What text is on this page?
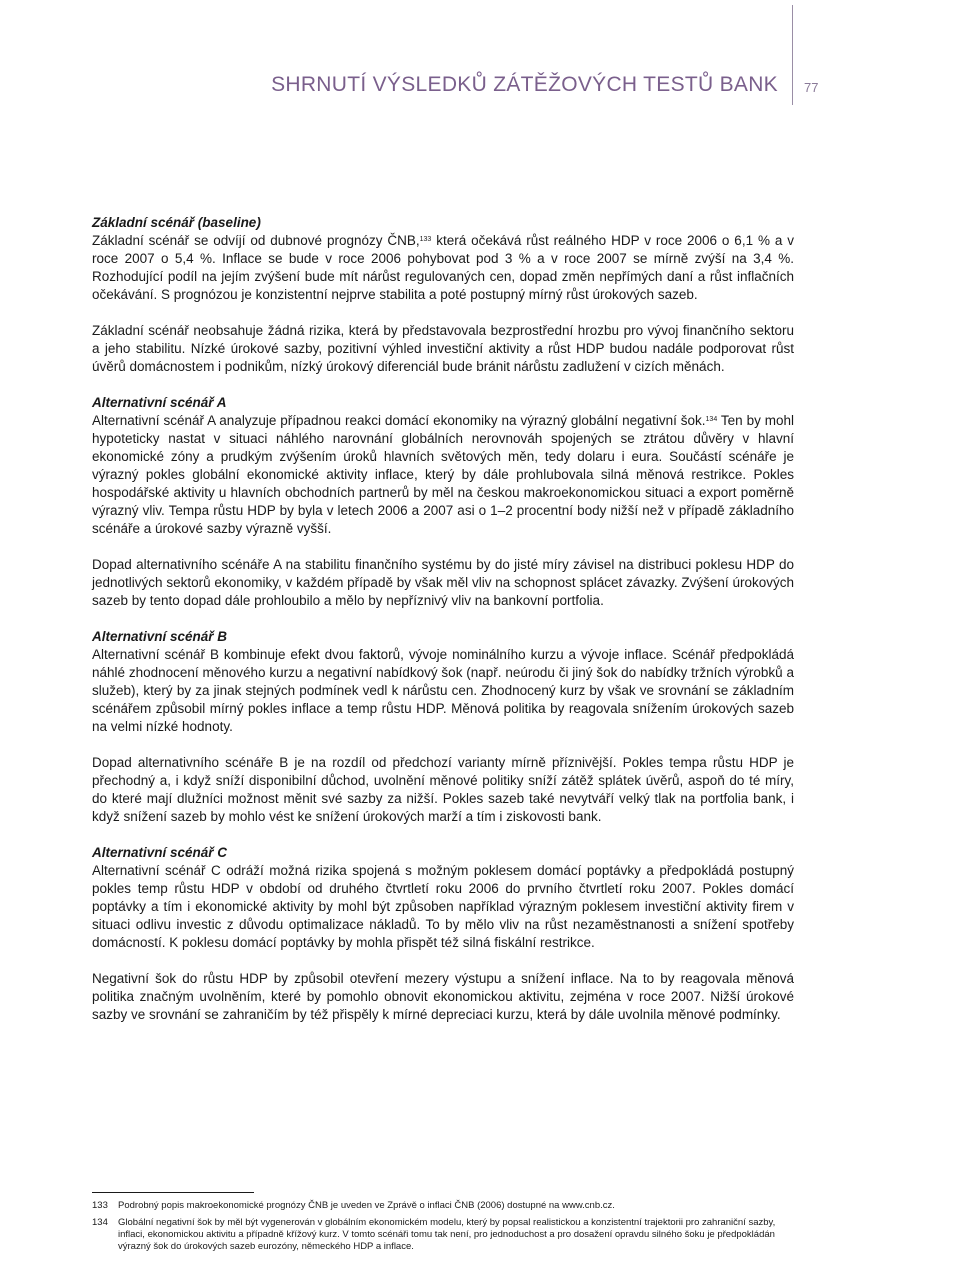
SHRNUTÍ VÝSLEDKŮ ZÁTĚŽOVÝCH TESTŮ BANK 77

Základní scénář (baseline)

Základní scénář se odvíjí od dubnové prognózy ČNB,$^{133}$ která očekává růst reálného HDP v roce 2006 o 6,1 % a v roce 2007 o 5,4 %. Inflace se bude v roce 2006 pohybovat pod 3 % a v roce 2007 se mírně zvýší na 3,4 %. Rozhodující podíl na jejím zvýšení bude mít nárůst regulovaných cen, dopad změn nepřímých daní a růst inflačních očekávání. S prognózou je konzistentní nejprve stabilita a poté postupný mírný růst úrokových sazeb.

Základní scénář neobsahuje žádná rizika, která by představovala bezprostřední hrozbu pro vývoj finančního sektoru a jeho stabilitu. Nízké úrokové sazby, pozitivní výhled investiční aktivity a růst HDP budou nadále podporovat růst úvěrů domácnostem i podnikům, nízký úrokový diferenciál bude bránit nárůstu zadlužení v cizích měnách.

Alternativní scénář A

Alternativní scénář A analyzuje případnou reakci domácí ekonomiky na výrazný globální negativní šok.$^{134}$ Ten by mohl hypoteticky nastat v situaci náhlého narovnání globálních nerovnováh spojených se ztrátou důvěry v hlavní ekonomické zóny a prudkým zvýšením úroků hlavních světových měn, tedy dolaru i eura. Součástí scénáře je výrazný pokles globální ekonomické aktivity inflace, který by dále prohlubovala silná měnová restrikce. Pokles hospodářské aktivity u hlavních obchodních partnerů by měl na českou makroekonomickou situaci a export poměrně výrazný vliv. Tempa růstu HDP by byla v letech 2006 a 2007 asi o 1–2 procentní body nižší než v případě základního scénáře a úrokové sazby výrazně vyšší.

Dopad alternativního scénáře A na stabilitu finančního systému by do jisté míry závisel na distribuci poklesu HDP do jednotlivých sektorů ekonomiky, v každém případě by však měl vliv na schopnost splácet závazky. Zvýšení úrokových sazeb by tento dopad dále prohloubilo a mělo by nepříznivý vliv na bankovní portfolia.

Alternativní scénář B

Alternativní scénář B kombinuje efekt dvou faktorů, vývoje nominálního kurzu a vývoje inflace. Scénář předpokládá náhlé zhodnocení měnového kurzu a negativní nabídkový šok (např. neúrodu či jiný šok do nabídky tržních výrobků a služeb), který by za jinak stejných podmínek vedl k nárůstu cen. Zhodnocený kurz by však ve srovnání se základním scénářem způsobil mírný pokles inflace a temp růstu HDP. Měnová politika by reagovala snížením úrokových sazeb na velmi nízké hodnoty.

Dopad alternativního scénáře B je na rozdíl od předchozí varianty mírně příznivější. Pokles tempa růstu HDP je přechodný a, i když sníží disponibilní důchod, uvolnění měnové politiky sníží zátěž splátek úvěrů, aspoň do té míry, do které mají dlužníci možnost měnit své sazby za nižší. Pokles sazeb také nevytváří velký tlak na portfolia bank, i když snížení sazeb by mohlo vést ke snížení úrokových marží a tím i ziskovosti bank.

Alternativní scénář C

Alternativní scénář C odráží možná rizika spojená s možným poklesem domácí poptávky a předpokládá postupný pokles temp růstu HDP v období od druhého čtvrtletí roku 2006 do prvního čtvrtletí roku 2007. Pokles domácí poptávky a tím i ekonomické aktivity by mohl být způsoben například výrazným poklesem investiční aktivity firem v situaci odlivu investic z důvodu optimalizace nákladů. To by mělo vliv na růst nezaměstnanosti a snížení spotřeby domácností. K poklesu domácí poptávky by mohla přispět též silná fiskální restrikce.

Negativní šok do růstu HDP by způsobil otevření mezery výstupu a snížení inflace. Na to by reagovala měnová politika značným uvolněním, které by pomohlo obnovit ekonomickou aktivitu, zejména v roce 2007. Nižší úrokové sazby ve srovnání se zahraničím by též přispěly k mírné depreciaci kurzu, která by dále uvolnila měnové podmínky.

133	Podrobný popis makroekonomické prognózy ČNB je uveden ve Zprávě o inflaci ČNB (2006) dostupné na www.cnb.cz.
134	Globální negativní šok by měl být vygenerován v globálním ekonomickém modelu, který by popsal realistickou a konzistentní trajektorii pro zahraniční sazby, inflaci, ekonomickou aktivitu a případně křížový kurz. V tomto scénáři tomu tak není, pro jednoduchost a pro dosažení opravdu silného šoku je předpokládán výrazný šok do úrokových sazeb eurozóny, německého HDP a inflace.
